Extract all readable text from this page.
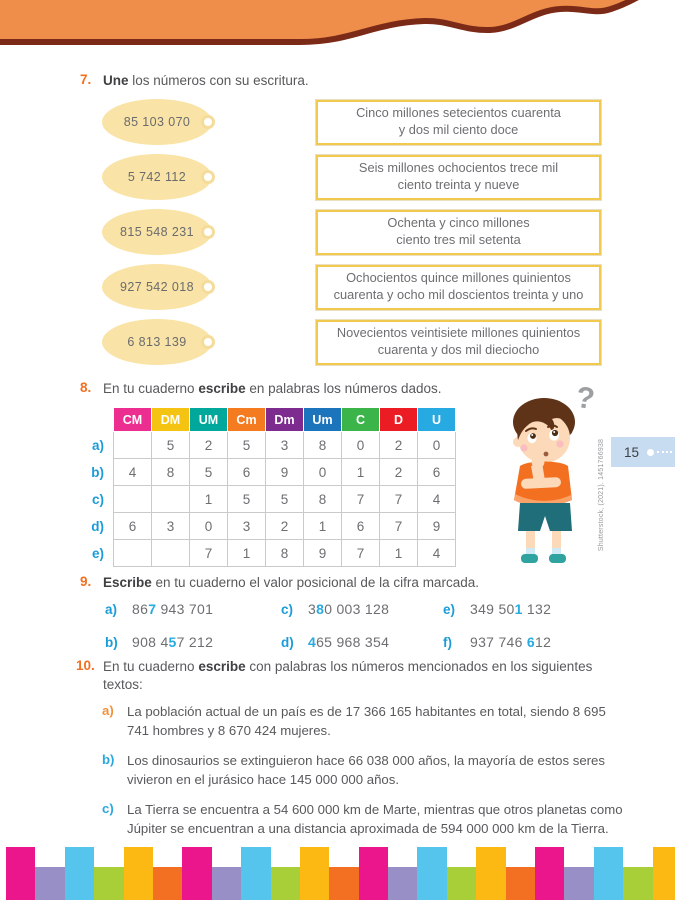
7. Une los números con su escritura.

85 103 070
Cinco millones setecientos cuarenta
y dos mil ciento doce
5 742 112
Seis millones ochocientos trece mil
ciento treinta y nueve
815 548 231
Ochenta y cinco millones
ciento tres mil setenta
927 542 018
Ochocientos quince millones quinientos
cuarenta y ocho mil doscientos treinta y uno
6 813 139
Novecientos veintisiete millones quinientos
cuarenta y dos mil dieciocho
8. En tu cuaderno escribe en palabras los números dados.

	CM	DM	UM	Cm	Dm	Um	C	D	U
a)		5	2	5	3	8	0	2	0
b)	4	8	5	6	9	0	1	2	6
c)			1	5	5	8	7	7	4
d)	6	3	0	3	2	1	6	7	9
e)			7	1	8	9	7	1	4
?
15
Shutterstock, (2021). 1451766938
9. Escribe en tu cuaderno el valor posicional de la cifra marcada.

a)	867 943 701
b)	908 457 212
c)	380 003 128
d)	465 968 354
e)	349 501 132
f)	937 746 612
10. En tu cuaderno escribe con palabras los números mencionados en los siguientes textos:

a)	La población actual de un país es de 17 366 165 habitantes en total, siendo 8 695 741 hombres y 8 670 424 mujeres.

b) Los dinosaurios se extinguieron hace 66 038 000 años, la mayoría de estos seres vivieron en el jurásico hace 145 000 000 años.

c)	La Tierra se encuentra a 54 600 000 km de Marte, mientras que otros planetas como Júpiter se encuentran a una distancia aproximada de 594 000 000 km de la Tierra.
